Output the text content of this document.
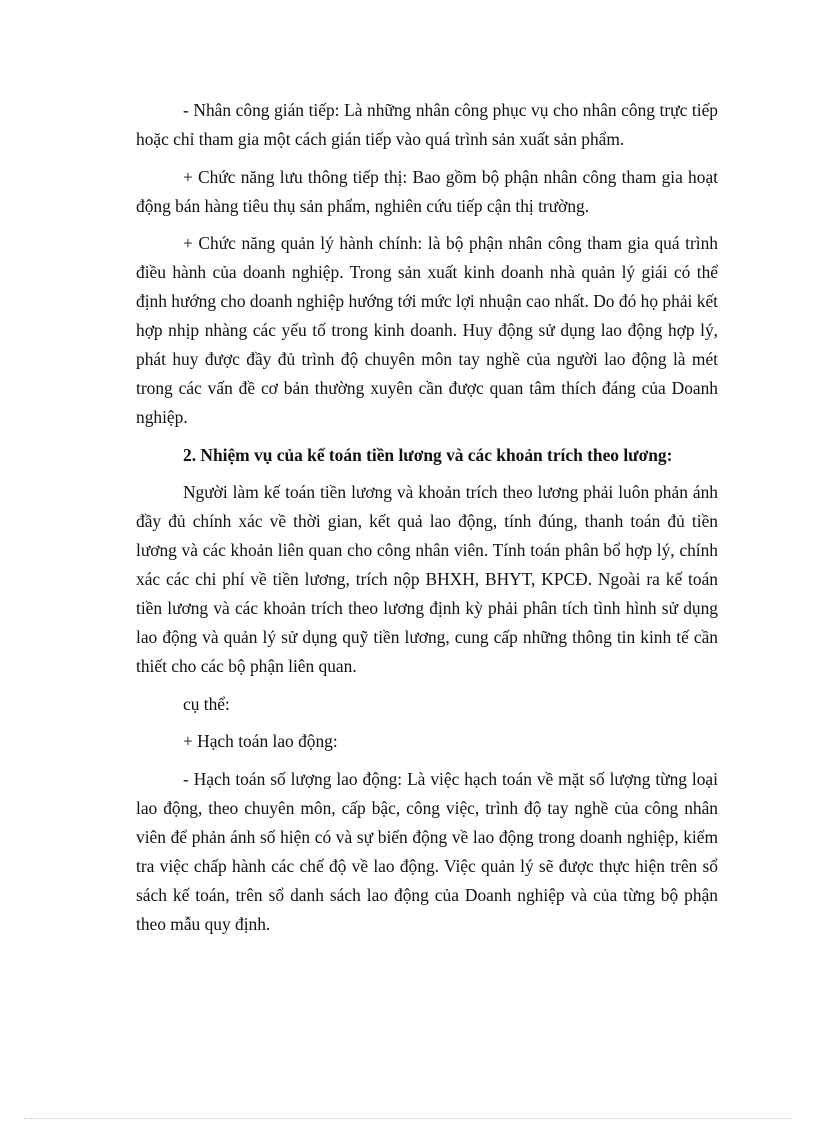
- Nhân công gián tiếp: Là những nhân công phục vụ cho nhân công trực tiếp hoặc chỉ tham gia một cách gián tiếp vào quá trình sản xuất sản phẩm.

+ Chức năng lưu thông tiếp thị: Bao gồm bộ phận nhân công tham gia hoạt động bán hàng tiêu thụ sản phẩm, nghiên cứu tiếp cận thị trường.

+ Chức năng quản lý hành chính: là bộ phận nhân công tham gia quá trình điều hành của doanh nghiệp. Trong sản xuất kinh doanh nhà quản lý giái có thể định hướng cho doanh nghiệp hướng tới mức lợi nhuận cao nhất. Do đó họ phải kết hợp nhịp nhàng các yếu tố trong kinh doanh. Huy động sử dụng lao động hợp lý, phát huy được đầy đủ trình độ chuyên môn tay nghề của người lao động là mét trong các vấn đề cơ bản thường xuyên cần được quan tâm thích đáng của Doanh nghiệp.

2. Nhiệm vụ của kế toán tiền lương và các khoản trích theo lương:

Người làm kế toán tiền lương và khoản trích theo lương phải luôn phản ánh đầy đủ chính xác về thời gian, kết quả lao động, tính đúng, thanh toán đủ tiền lương và các khoản liên quan cho công nhân viên. Tính toán phân bổ hợp lý, chính xác các chi phí về tiền lương, trích nộp BHXH, BHYT, KPCĐ. Ngoài ra kế toán tiền lương và các khoản trích theo lương định kỳ phải phân tích tình hình sử dụng lao động và quản lý sử dụng quỹ tiền lương, cung cấp những thông tin kinh tế cần thiết cho các bộ phận liên quan.

cụ thể:

+ Hạch toán lao động:

- Hạch toán số lượng lao động: Là việc hạch toán về mặt số lượng từng loại lao động, theo chuyên môn, cấp bậc, công việc, trình độ tay nghề của công nhân viên để phản ánh số hiện có và sự biến động về lao động trong doanh nghiệp, kiểm tra việc chấp hành các chế độ về lao động. Việc quản lý sẽ được thực hiện trên sổ sách kế toán, trên sổ danh sách lao động của Doanh nghiệp và của từng bộ phận theo mẫu quy định.
